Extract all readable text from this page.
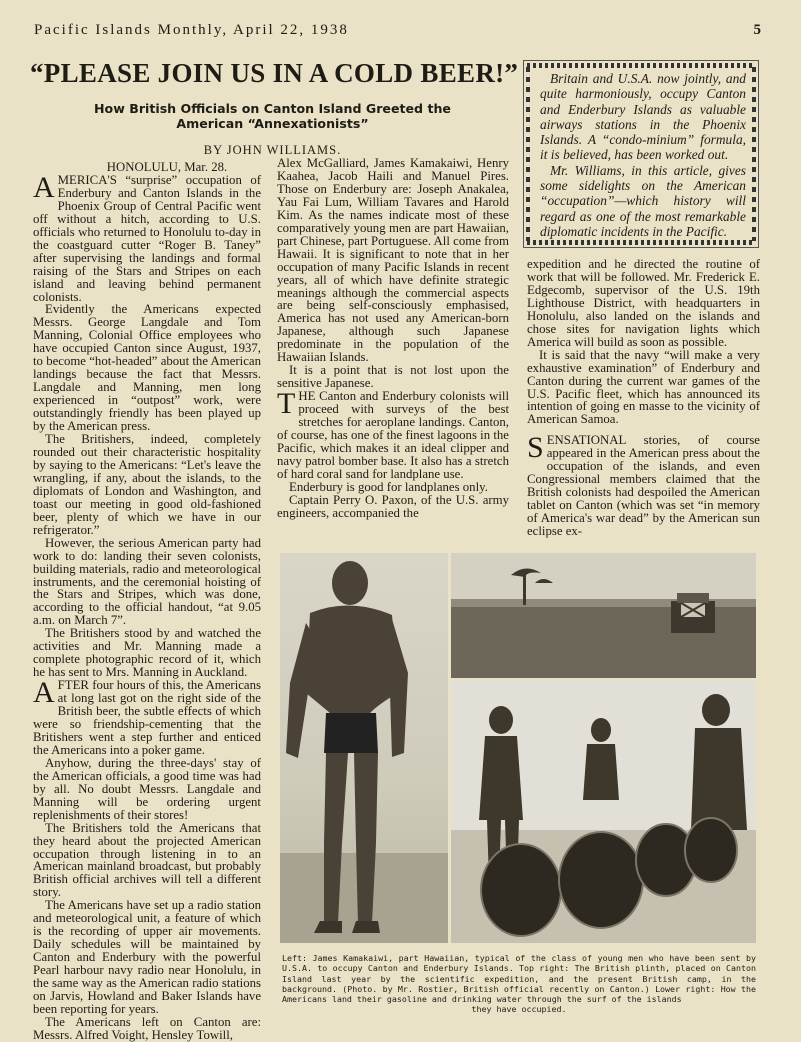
Pacific Islands Monthly, April 22, 1938	5
“PLEASE JOIN US IN A COLD BEER!”
How British Officials on Canton Island Greeted the
American “Annexationists”
BY JOHN WILLIAMS.

Britain and U.S.A. now jointly, and quite harmoniously, occupy Canton and Enderbury Islands as valuable airways stations in the Phoenix Islands. A “condo-minium” formula, it is believed, has been worked out.

Mr. Williams, in this article, gives some sidelights on the American “occupation”—which history will regard as one of the most remarkable diplomatic incidents in the Pacific.

HONOLULU, Mar. 28.

AMERICA'S “surprise” occupation of Enderbury and Canton Islands in the Phoenix Group of Central Pacific went off without a hitch, according to U.S. officials who returned to Honolulu to-day in the coastguard cutter “Roger B. Taney” after supervising the landings and formal raising of the Stars and Stripes on each island and leaving behind permanent colonists.

Evidently the Americans expected Messrs. George Langdale and Tom Manning, Colonial Office employees who have occupied Canton since August, 1937, to become “hot-headed” about the American landings because the fact that Messrs. Langdale and Manning, men long experienced in “outpost” work, were outstandingly friendly has been played up by the American press.

The Britishers, indeed, completely rounded out their characteristic hospitality by saying to the Americans: “Let's leave the wrangling, if any, about the islands, to the diplomats of London and Washington, and toast our meeting in good old-fashioned beer, plenty of which we have in our refrigerator.”

However, the serious American party had work to do: landing their seven colonists, building materials, radio and meteorological instruments, and the ceremonial hoisting of the Stars and Stripes, which was done, according to the official handout, “at 9.05 a.m. on March 7”.

The Britishers stood by and watched the activities and Mr. Manning made a complete photographic record of it, which he has sent to Mrs. Manning in Auckland.

AFTER four hours of this, the Americans at long last got on the right side of the British beer, the subtle effects of which were so friendship-cementing that the Britishers went a step further and enticed the Americans into a poker game.

Anyhow, during the three-days' stay of the American officials, a good time was had by all. No doubt Messrs. Langdale and Manning will be ordering urgent replenishments of their stores!

The Britishers told the Americans that they heard about the projected American occupation through listening in to an American mainland broadcast, but probably British official archives will tell a different story.

The Americans have set up a radio station and meteorological unit, a feature of which is the recording of upper air movements. Daily schedules will be maintained by Canton and Enderbury with the powerful Pearl harbour navy radio near Honolulu, in the same way as the American radio stations on Jarvis, Howland and Baker Islands have been reporting for years.

The Americans left on Canton are: Messrs. Alfred Voight, Hensley Towill,

Alex McGalliard, James Kamakaiwi, Henry Kaahea, Jacob Haili and Manuel Pires. Those on Enderbury are: Joseph Anakalea, Yau Fai Lum, William Tavares and Harold Kim. As the names indicate most of these comparatively young men are part Hawaiian, part Chinese, part Portuguese. All come from Hawaii. It is significant to note that in her occupation of many Pacific Islands in recent years, all of which have definite strategic meanings although the commercial aspects are being self-consciously emphasised, America has not used any American-born Japanese, although such Japanese predominate in the population of the Hawaiian Islands.

It is a point that is not lost upon the sensitive Japanese.

THE Canton and Enderbury colonists will proceed with surveys of the best stretches for aeroplane landings. Canton, of course, has one of the finest lagoons in the Pacific, which makes it an ideal clipper and navy patrol bomber base. It also has a stretch of hard coral sand for landplane use.

Enderbury is good for landplanes only.

Captain Perry O. Paxon, of the U.S. army engineers, accompanied the

expedition and he directed the routine of work that will be followed. Mr. Frederick E. Edgecomb, supervisor of the U.S. 19th Lighthouse District, with headquarters in Honolulu, also landed on the islands and chose sites for navigation lights which America will build as soon as possible.

It is said that the navy “will make a very exhaustive examination” of Enderbury and Canton during the current war games of the U.S. Pacific fleet, which has announced its intention of going en masse to the vicinity of American Samoa.

SENSATIONAL stories, of course appeared in the American press about the occupation of the islands, and even Congressional members claimed that the British colonists had despoiled the American tablet on Canton (which was set “in memory of America's war dead” by the American sun eclipse ex-

Left: James Kamakaiwi, part Hawaiian, typical of the class of young men who have been sent by U.S.A. to occupy Canton and Enderbury Islands. Top right: The British plinth, placed on Canton Island last year by the scientific expedition, and the present British camp, in the background. (Photo. by Mr. Rostier, British official recently on Canton.) Lower right: How the Americans land their gasoline and drinking water through the surf of the islands
they have occupied.
